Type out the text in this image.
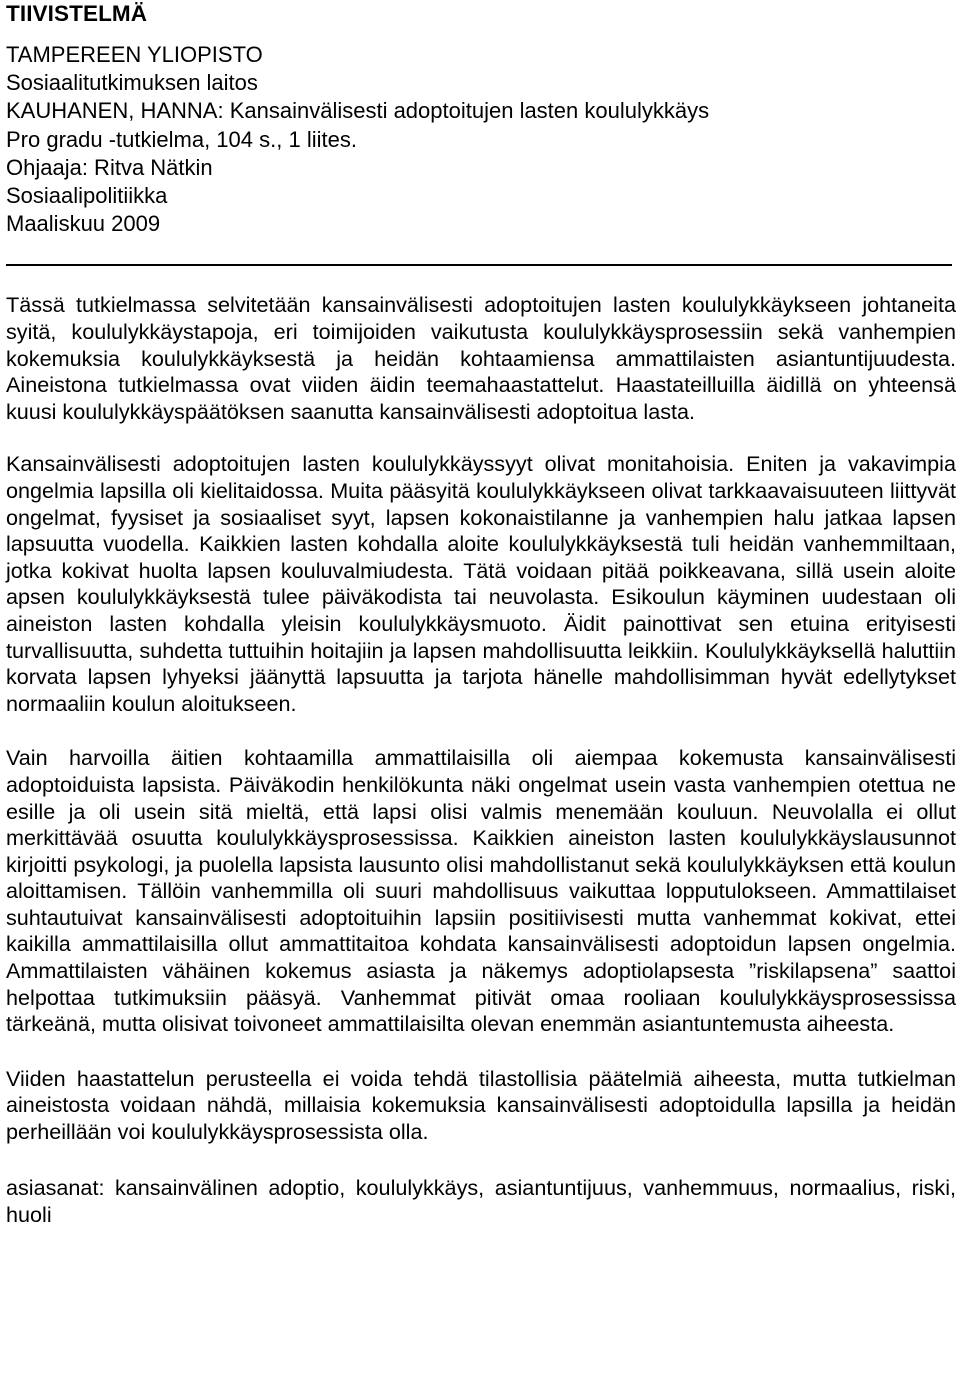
TIIVISTELMÄ
TAMPEREEN YLIOPISTO
Sosiaalitutkimuksen laitos
KAUHANEN, HANNA: Kansainvälisesti adoptoitujen lasten koululykkäys
Pro gradu -tutkielma, 104 s., 1 liites.
Ohjaaja: Ritva Nätkin
Sosiaalipolitiikka
Maaliskuu 2009

Tässä tutkielmassa selvitetään kansainvälisesti adoptoitujen lasten koululykkäykseen johtaneita syitä, koululykkäystapoja, eri toimijoiden vaikutusta koululykkäysprosessiin sekä vanhempien kokemuksia koululykkäyksestä ja heidän kohtaamiensa ammattilaisten asiantuntijuudesta. Aineistona tutkielmassa ovat viiden äidin teemahaastattelut. Haastateilluilla äidillä on yhteensä kuusi koululykkäyspäätöksen saanutta kansainvälisesti adoptoitua lasta.

Kansainvälisesti adoptoitujen lasten koululykkäyssyyt olivat monitahoisia. Eniten ja vakavimpia ongelmia lapsilla oli kielitaidossa. Muita pääsyitä koululykkäykseen olivat tarkkaavaisuuteen liittyvät ongelmat, fyysiset ja sosiaaliset syyt, lapsen kokonaistilanne ja vanhempien halu jatkaa lapsen lapsuutta vuodella. Kaikkien lasten kohdalla aloite koululykkäyksestä tuli heidän vanhemmiltaan, jotka kokivat huolta lapsen kouluvalmiudesta. Tätä voidaan pitää poikkeavana, sillä usein aloite apsen koululykkäyksestä tulee päiväkodista tai neuvolasta. Esikoulun käyminen uudestaan oli aineiston lasten kohdalla yleisin koululykkäysmuoto. Äidit painottivat sen etuina erityisesti turvallisuutta, suhdetta tuttuihin hoitajiin ja lapsen mahdollisuutta leikkiin. Koululykkäyksellä haluttiin korvata lapsen lyhyeksi jäänyttä lapsuutta ja tarjota hänelle mahdollisimman hyvät edellytykset normaaliin koulun aloitukseen.

Vain harvoilla äitien kohtaamilla ammattilaisilla oli aiempaa kokemusta kansainvälisesti adoptoiduista lapsista. Päiväkodin henkilökunta näki ongelmat usein vasta vanhempien otettua ne esille ja oli usein sitä mieltä, että lapsi olisi valmis menemään kouluun. Neuvolalla ei ollut merkittävää osuutta koululykkäysprosessissa. Kaikkien aineiston lasten koululykkäyslausunnot kirjoitti psykologi, ja puolella lapsista lausunto olisi mahdollistanut sekä koululykkäyksen että koulun aloittamisen. Tällöin vanhemmilla oli suuri mahdollisuus vaikuttaa lopputulokseen. Ammattilaiset suhtautuivat kansainvälisesti adoptoituihin lapsiin positiivisesti mutta vanhemmat kokivat, ettei kaikilla ammattilaisilla ollut ammattitaitoa kohdata kansainvälisesti adoptoidun lapsen ongelmia. Ammattilaisten vähäinen kokemus asiasta ja näkemys adoptiolapsesta ”riskilapsena” saattoi helpottaa tutkimuksiin pääsyä. Vanhemmat pitivät omaa rooliaan koululykkäysprosessissa tärkeänä, mutta olisivat toivoneet ammattilaisilta olevan enemmän asiantuntemusta aiheesta.

Viiden haastattelun perusteella ei voida tehdä tilastollisia päätelmiä aiheesta, mutta tutkielman aineistosta voidaan nähdä, millaisia kokemuksia kansainvälisesti adoptoidulla lapsilla ja heidän perheillään voi koululykkäysprosessista olla.

asiasanat: kansainvälinen adoptio, koululykkäys, asiantuntijuus, vanhemmuus, normaalius, riski, huoli
